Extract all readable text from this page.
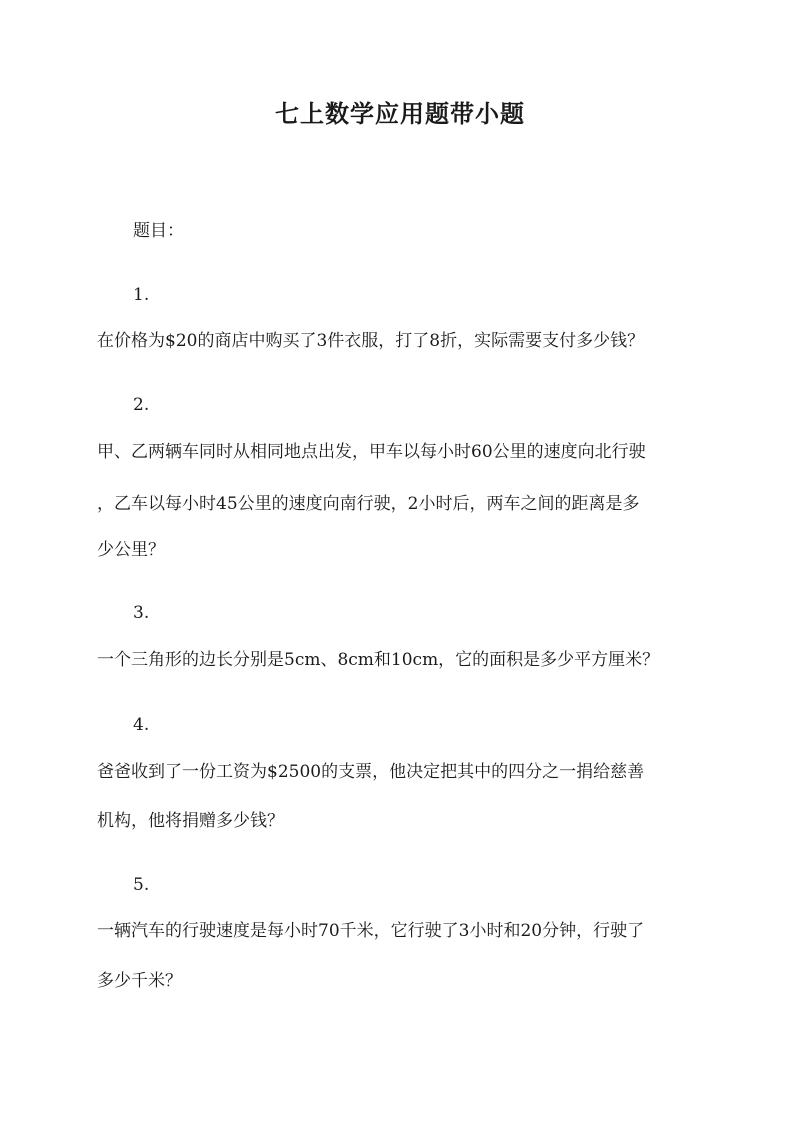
七上数学应用题带小题
题目：
1.
在价格为$20的商店中购买了3件衣服，打了8折，实际需要支付多少钱？
2.
甲、乙两辆车同时从相同地点出发，甲车以每小时60公里的速度向北行驶
，乙车以每小时45公里的速度向南行驶，2小时后，两车之间的距离是多
少公里？
3.
一个三角形的边长分别是5cm、8cm和10cm，它的面积是多少平方厘米？
4.
爸爸收到了一份工资为$2500的支票，他决定把其中的四分之一捐给慈善
机构，他将捐赠多少钱？
5.
一辆汽车的行驶速度是每小时70千米，它行驶了3小时和20分钟，行驶了
多少千米？
